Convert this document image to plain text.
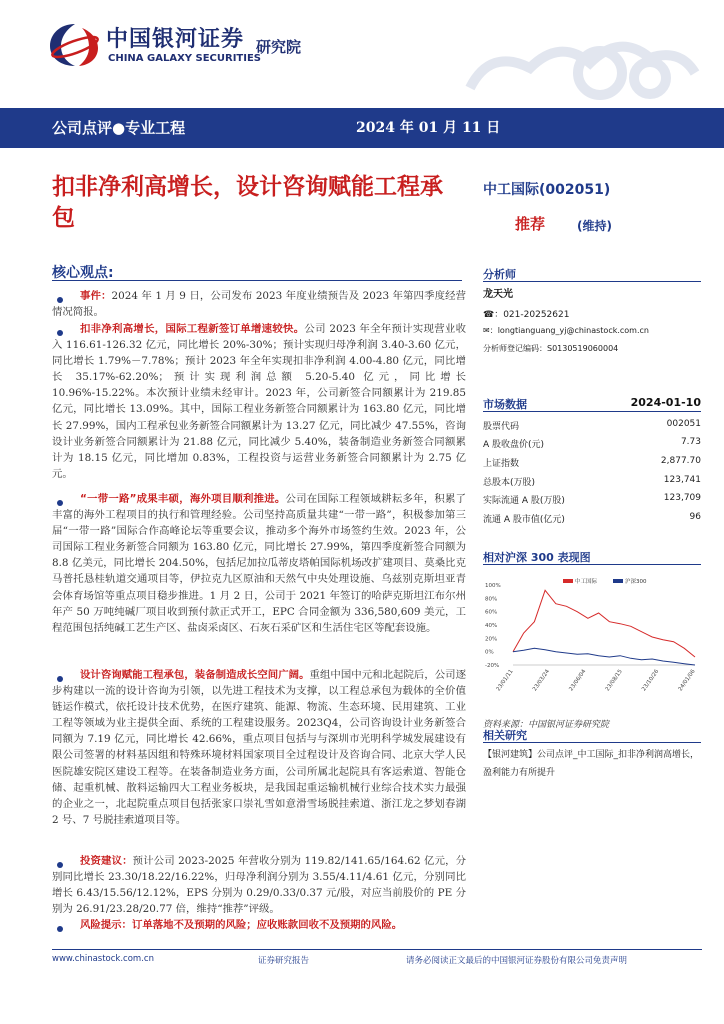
中国银河证券
CHINA GALAXY SECURITIES
研究院
公司点评●专业工程	2024 年 01 月 11 日
扣非净利高增长，设计咨询赋能工程承包
中工国际(002051)
推荐	(维持)
核心观点:
事件：2024 年 1 月 9 日，公司发布 2023 年度业绩预告及 2023 年第四季度经营情况简报。
扣非净利高增长，国际工程新签订单增速较快。公司 2023 年全年预计实现营业收入 116.61-126.32 亿元，同比增长 20%-30%；预计实现归母净利润 3.40-3.60 亿元，同比增长 1.79%－7.78%；预计 2023 年全年实现扣非净利润 4.00-4.80 亿元，同比增长 35.17%-62.20%；预计实现利润总额 5.20-5.40 亿元，同比增长 10.96%-15.22%。本次预计业绩未经审计。2023 年，公司新签合同额累计为 219.85 亿元，同比增长 13.09%。其中，国际工程业务新签合同额累计为 163.80 亿元，同比增长 27.99%，国内工程承包业务新签合同额累计为 13.27 亿元，同比减少 47.55%，咨询设计业务新签合同额累计为 21.88 亿元，同比减少 5.40%，装备制造业务新签合同额累计为 18.15 亿元，同比增加 0.83%，工程投资与运营业务新签合同额累计为 2.75 亿元。
“一带一路”成果丰硕，海外项目顺利推进。公司在国际工程领域耕耘多年，积累了丰富的海外工程项目的执行和管理经验。公司坚持高质量共建“一带一路”，积极参加第三届“一带一路”国际合作高峰论坛等重要会议，推动多个海外市场签约生效。2023 年，公司国际工程业务新签合同额为 163.80 亿元，同比增长 27.99%，第四季度新签合同额为 8.8 亿美元，同比增长 204.50%，包括尼加拉瓜蒂皮塔帕国际机场改扩建项目、莫桑比克马普托恳桂轨道交通项目等，伊拉克九区原油和天然气中央处理设施、乌兹别克斯坦亚青会体育场馆等重点项目稳步推进。1 月 2 日，公司于 2021 年签订的哈萨克斯坦江布尔州年产 50 万吨纯碱厂项目收到预付款正式开工，EPC 合同金额为 336,580,609 美元，工程范围包括纯碱工艺生产区、盐卤采卤区、石灰石采矿区和生活住宅区等配套设施。
设计咨询赋能工程承包，装备制造成长空间广阔。重组中国中元和北起院后，公司逐步构建以一流的设计咨询为引领，以先进工程技术为支撑，以工程总承包为载体的全价值链运作模式，依托设计技术优势，在医疗建筑、能源、物流、生态环境、民用建筑、工业工程等领域为业主提供全面、系统的工程建设服务。2023Q4，公司咨询设计业务新签合同额为 7.19 亿元，同比增长 42.66%，重点项目包括与与深圳市光明科学城发展建设有限公司签署的材料基因组和特殊环境材料国家项目全过程设计及咨询合同、北京大学人民医院雄安院区建设工程等。在装备制造业务方面，公司所属北起院具有客运索道、智能仓储、起重机械、散料运输四大工程业务板块，是我国起重运输机械行业综合技术实力最强的企业之一，北起院重点项目包括张家口崇礼雪如意滑雪场脱挂索道、浙江龙之梦划春湖 2 号、7 号脱挂索道项目等。
投资建议：预计公司 2023-2025 年营收分别为 119.82/141.65/164.62 亿元，分别同比增长 23.30/18.22/16.22%，归母净利润分别为 3.55/4.11/4.61 亿元，分别同比增长 6.43/15.56/12.12%，EPS 分别为 0.29/0.33/0.37 元/股，对应当前股价的 PE 分别为 26.91/23.28/20.77 倍，维持“推荐”评级。
风险提示：订单落地不及预期的风险；应收账款回收不及预期的风险。
分析师
龙天光
☎：021-20252621
✉：longtianguang_yj@chinastock.com.cn
分析师登记编码：S0130519060004
市场数据	2024-01-10
股票代码	002051
A 股收盘价(元)	7.73
上证指数	2,877.70
总股本(万股)	123,741
实际流通 A 股(万股)	123,709
流通 A 股市值(亿元)	96
相对沪深 300 表现图
100%
80%
60%
40%
20%
0%
-20%
中工国际	沪深300
23/01/11	23/03/24	23/06/04	23/08/15	23/10/26	24/01/06
资料来源：中国银河证券研究院
相关研究
【银河建筑】公司点评_中工国际_扣非净利润高增长，盈利能力有所提升
www.chinastock.com.cn	证券研究报告	请务必阅读正文最后的中国银河证券股份有限公司免责声明
